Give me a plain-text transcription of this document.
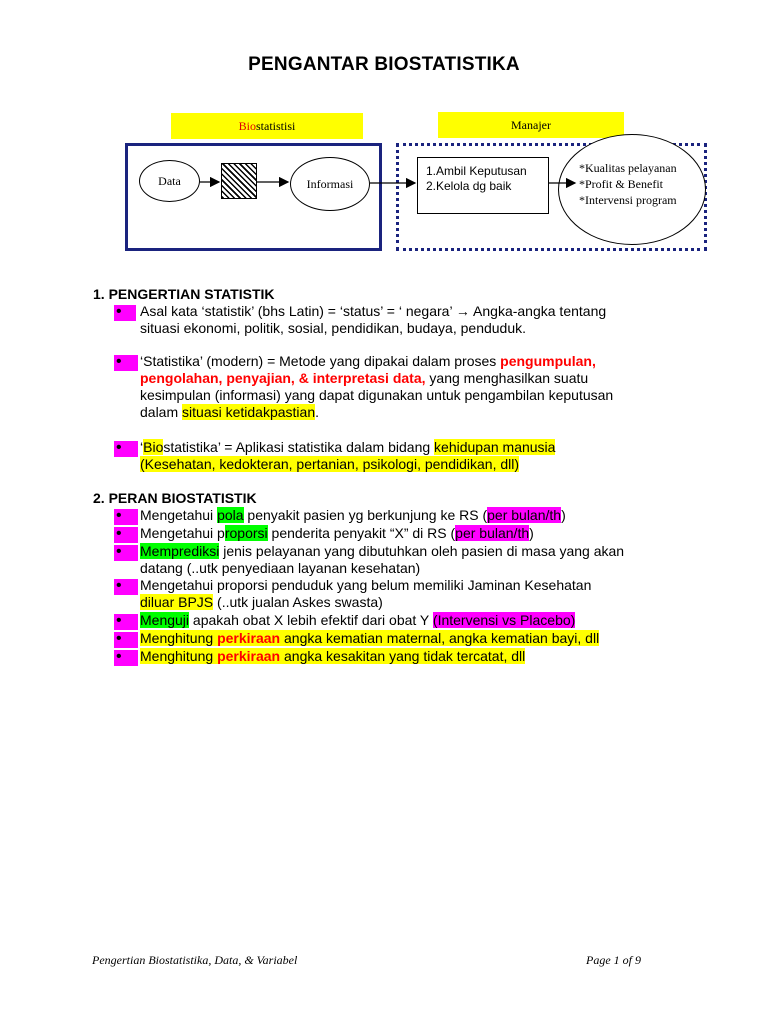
PENGANTAR BIOSTATISTIKA
Biostatistisi	Manajer
Data	Informasi
1.Ambil Keputusan
2.Kelola dg baik
*Kualitas pelayanan
*Profit & Benefit
*Intervensi program
1. PENGERTIAN STATISTIK
•
Asal kata ‘statistik’ (bhs Latin) = ‘status’ = ‘ negara’ → Angka-angka tentang
situasi ekonomi, politik, sosial, pendidikan, budaya, penduduk.
•
‘Statistika’ (modern) = Metode yang dipakai dalam proses pengumpulan,
pengolahan, penyajian, & interpretasi data, yang menghasilkan suatu
kesimpulan (informasi) yang dapat digunakan untuk pengambilan keputusan
dalam situasi ketidakpastian.
•
‘Biostatistika’ = Aplikasi statistika dalam bidang kehidupan manusia
(Kesehatan, kedokteran, pertanian, psikologi, pendidikan, dll)
2. PERAN BIOSTATISTIK
•
Mengetahui pola penyakit pasien yg berkunjung ke RS (per bulan/th)
•
Mengetahui proporsi penderita penyakit “X” di RS (per bulan/th)
•
Memprediksi jenis pelayanan yang dibutuhkan oleh pasien di masa yang akan
datang (..utk penyediaan layanan kesehatan)
•
Mengetahui proporsi penduduk yang belum memiliki Jaminan Kesehatan
diluar BPJS (..utk jualan Askes swasta)
•
Menguji apakah obat X lebih efektif dari obat Y (Intervensi vs Placebo)
•
Menghitung perkiraan angka kematian maternal, angka kematian bayi, dll
•
Menghitung perkiraan angka kesakitan yang tidak tercatat, dll
Pengertian Biostatistika, Data, & Variabel	Page 1 of 9
